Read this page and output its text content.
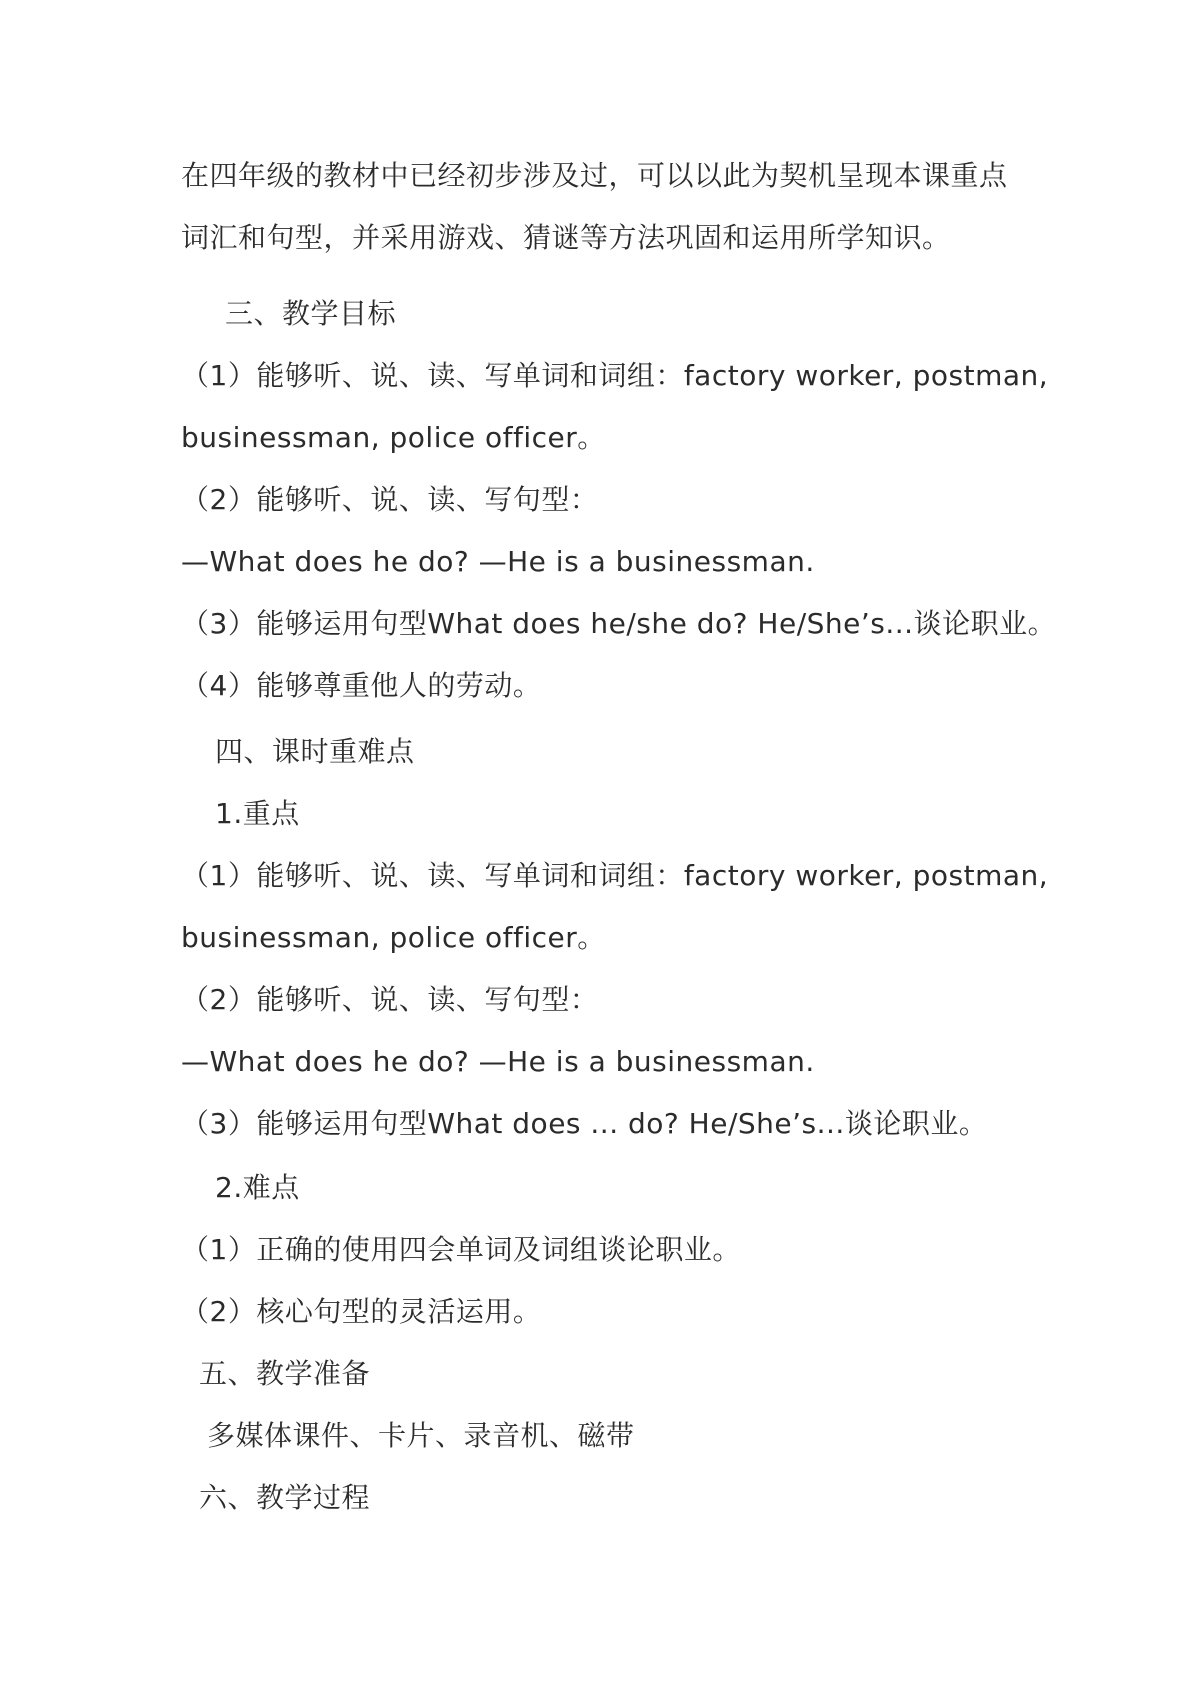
在四年级的教材中已经初步涉及过，可以以此为契机呈现本课重点
词汇和句型，并采用游戏、猜谜等方法巩固和运用所学知识。
三、教学目标
（1）能够听、说、读、写单词和词组：factory worker, postman,
businessman, police officer。
（2）能够听、说、读、写句型：
—What does he do? —He is a businessman.
（3）能够运用句型What does he/she do? He/She’s...谈论职业。
（4）能够尊重他人的劳动。
四、课时重难点
1.重点
（1）能够听、说、读、写单词和词组：factory worker, postman,
businessman, police officer。
（2）能够听、说、读、写句型：
—What does he do? —He is a businessman.
（3）能够运用句型What does ... do? He/She’s...谈论职业。
2.难点
（1）正确的使用四会单词及词组谈论职业。
（2）核心句型的灵活运用。
五、教学准备
多媒体课件、卡片、录音机、磁带
六、教学过程
